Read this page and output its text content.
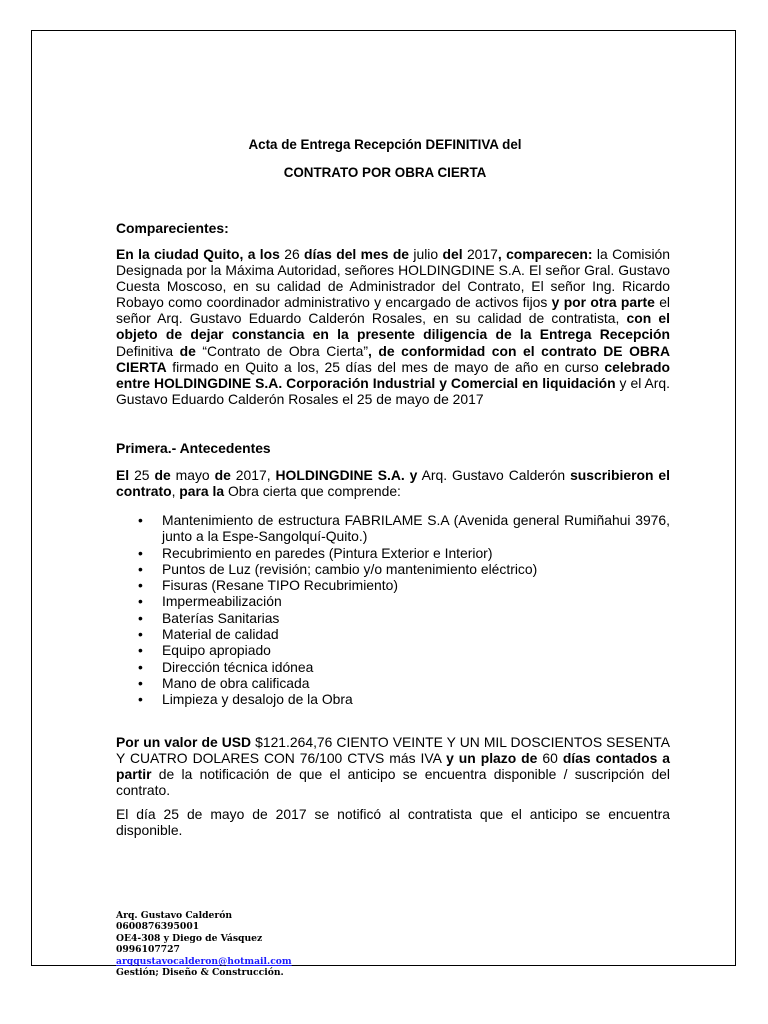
Acta de Entrega Recepción DEFINITIVA del
CONTRATO POR OBRA CIERTA
Comparecientes:
En la ciudad Quito, a los 26 días del mes de julio del 2017, comparecen: la Comisión Designada por la Máxima Autoridad, señores HOLDINGDINE S.A. El señor Gral. Gustavo Cuesta Moscoso, en su calidad de Administrador del Contrato, El señor Ing. Ricardo Robayo como coordinador administrativo y encargado de activos fijos y por otra parte el señor Arq. Gustavo Eduardo Calderón Rosales, en su calidad de contratista, con el objeto de dejar constancia en la presente diligencia de la Entrega Recepción Definitiva de “Contrato de Obra Cierta”, de conformidad con el contrato DE OBRA CIERTA firmado en Quito a los, 25 días del mes de mayo de año en curso celebrado entre HOLDINGDINE S.A. Corporación Industrial y Comercial en liquidación y el Arq. Gustavo Eduardo Calderón Rosales el 25 de mayo de 2017
Primera.- Antecedentes
El 25 de mayo de 2017, HOLDINGDINE S.A. y Arq. Gustavo Calderón suscribieron el contrato, para la Obra cierta que comprende:
• Mantenimiento de estructura FABRILAME S.A (Avenida general Rumiñahui 3976, junto a la Espe-Sangolquí-Quito.)
• Recubrimiento en paredes (Pintura Exterior e Interior)
• Puntos de Luz (revisión; cambio y/o mantenimiento eléctrico)
• Fisuras (Resane TIPO Recubrimiento)
• Impermeabilización
• Baterías Sanitarias
• Material de calidad
• Equipo apropiado
• Dirección técnica idónea
• Mano de obra calificada
• Limpieza y desalojo de la Obra
Por un valor de USD $121.264,76 CIENTO VEINTE Y UN MIL DOSCIENTOS SESENTA Y CUATRO DOLARES CON 76/100 CTVS más IVA y un plazo de 60 días contados a partir de la notificación de que el anticipo se encuentra disponible / suscripción del contrato.
El día 25 de mayo de 2017 se notificó al contratista que el anticipo se encuentra disponible.
Arq. Gustavo Calderón
0600876395001
OE4-308 y Diego de Vásquez
0996107727
arqgustavocalderon@hotmail.com
Gestión; Diseño & Construcción.
